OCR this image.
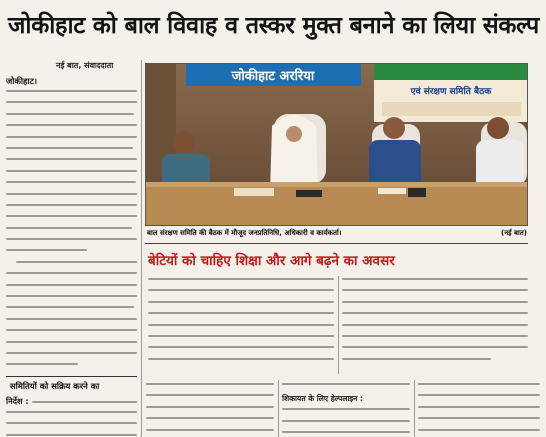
जोकीहाट को बाल विवाह व तस्कर मुक्त बनाने का लिया संकल्प
नई बात, संवाददाता
जोकीहाट।	जोकीहाट अररिया
एवं संरक्षण समिति बैठक
बाल संरक्षण समिति की बैठक में मौजूद जनप्रतिनिधि, अधिकारी व कार्यकर्ता।	(नई बात)
बेटियों को चाहिए शिक्षा और आगे बढ़ने का अवसर
समितियों को सक्रिय करने का
निर्देश :	शिकायत के लिए हेल्पलाइन :
